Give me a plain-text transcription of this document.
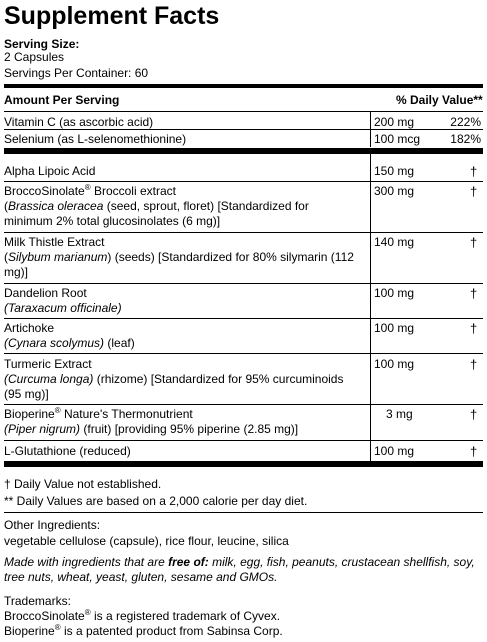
Supplement Facts
Serving Size:
2 Capsules
Servings Per Container: 60
Amount Per Serving	% Daily Value**
Vitamin C (as ascorbic acid)	200 mg	222%
Selenium (as L-selenomethionine)	100 mcg	182%
Alpha Lipoic Acid	150 mg	†
BroccoSinolate® Broccoli extract
(Brassica oleracea (seed, sprout, floret) [Standardized for
minimum 2% total glucosinolates (6 mg)]
300 mg	†
Milk Thistle Extract
(Silybum marianum) (seeds) [Standardized for 80% silymarin (112
mg)]
140 mg	†
Dandelion Root
(Taraxacum officinale)
100 mg	†
Artichoke
(Cynara scolymus) (leaf)
100 mg	†
Turmeric Extract
(Curcuma longa) (rhizome) [Standardized for 95% curcuminoids
(95 mg)]
100 mg	†
Bioperine® Nature's Thermonutrient
(Piper nigrum) (fruit) [providing 95% piperine (2.85 mg)]
3 mg	†
L-Glutathione (reduced)	100 mg	†
† Daily Value not established.
** Daily Values are based on a 2,000 calorie per day diet.
Other Ingredients:
vegetable cellulose (capsule), rice flour, leucine, silica
Made with ingredients that are free of: milk, egg, fish, peanuts, crustacean shellfish, soy,
tree nuts, wheat, yeast, gluten, sesame and GMOs.
Trademarks:
BroccoSinolate® is a registered trademark of Cyvex.
Bioperine® is a patented product from Sabinsa Corp.
